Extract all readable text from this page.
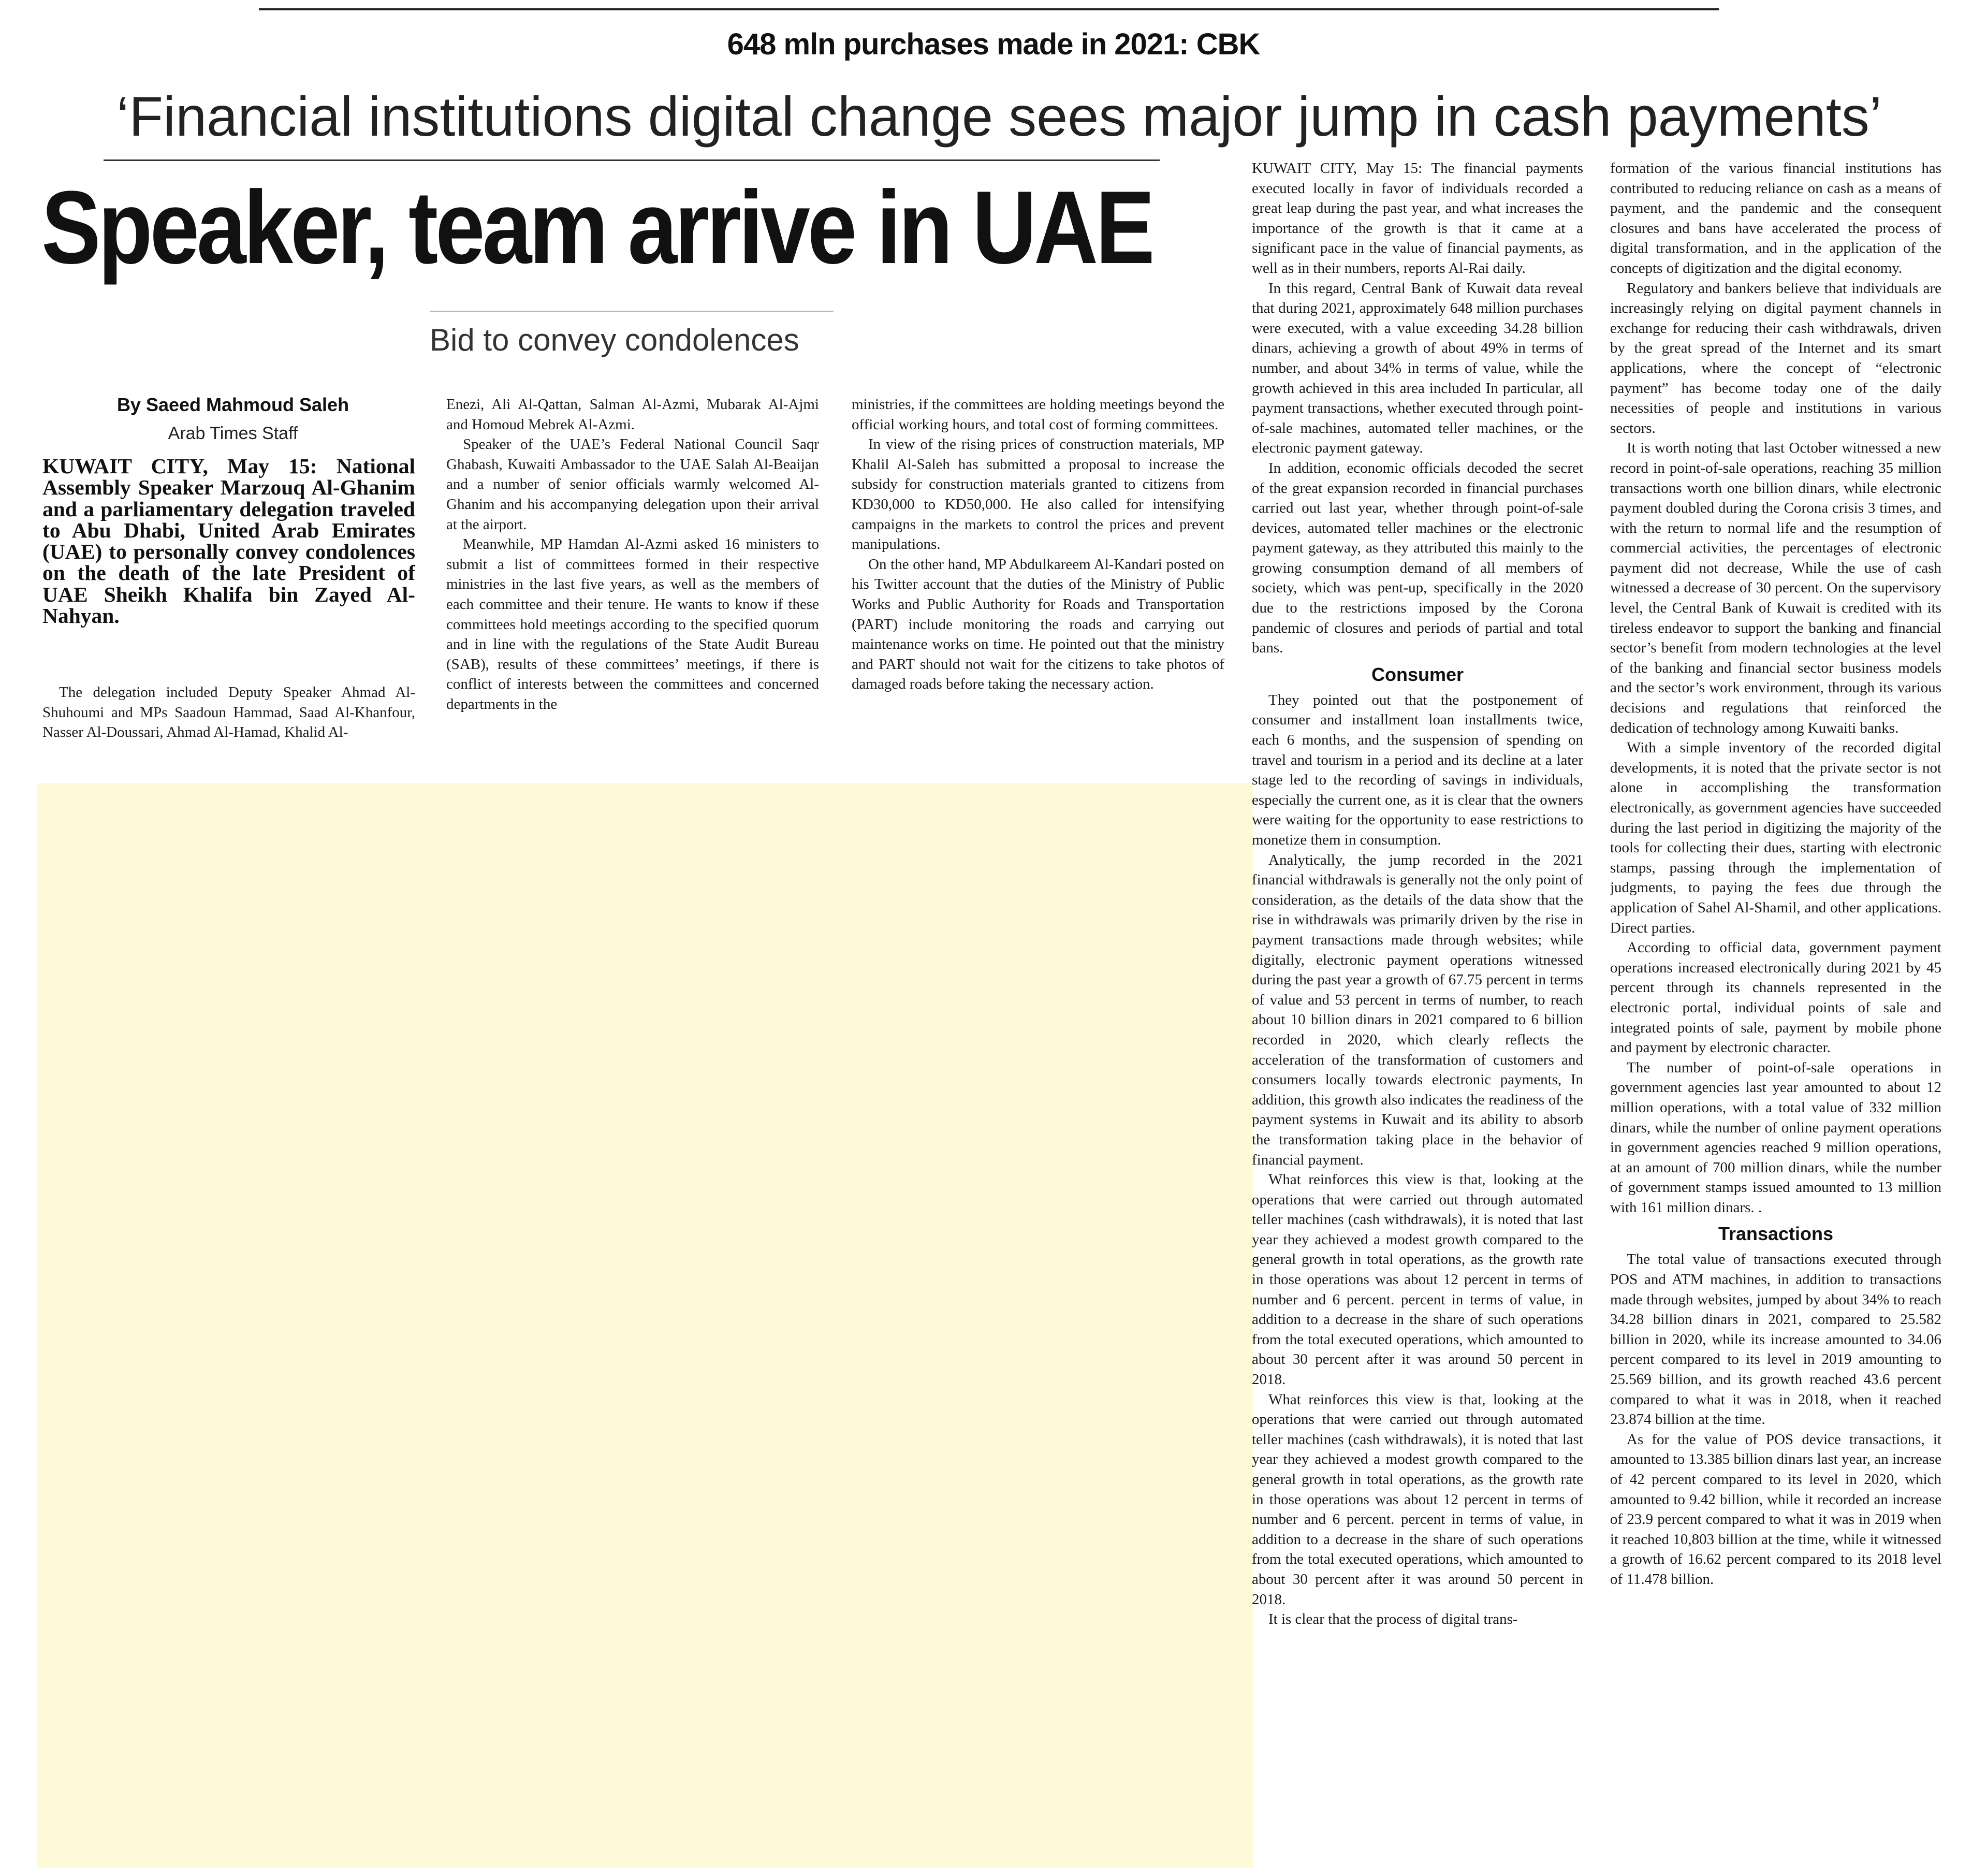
648 mln purchases made in 2021: CBK
‘Financial institutions digital change sees major jump in cash payments’
Speaker, team arrive in UAE
Bid to convey condolences
By Saeed Mahmoud Saleh
Arab Times Staff

KUWAIT CITY, May 15: National Assembly Speaker Marzouq Al-Ghanim and a parliamentary delegation traveled to Abu Dhabi, United Arab Emirates (UAE) to personally convey condolences on the death of the late President of UAE Sheikh Khalifa bin Zayed Al-Nahyan.

The delegation included Deputy Speaker Ahmad Al-Shuhoumi and MPs Saadoun Hammad, Saad Al-Khanfour, Nasser Al-Doussari, Ahmad Al-Hamad, Khalid Al-

Enezi, Ali Al-Qattan, Salman Al-Azmi, Mubarak Al-Ajmi and Homoud Mebrek Al-Azmi.

Speaker of the UAE’s Federal National Council Saqr Ghabash, Kuwaiti Ambassador to the UAE Salah Al-Beaijan and a number of senior officials warmly welcomed Al-Ghanim and his accompanying delegation upon their arrival at the airport.

Meanwhile, MP Hamdan Al-Azmi asked 16 ministers to submit a list of committees formed in their respective ministries in the last five years, as well as the members of each committee and their tenure. He wants to know if these committees hold meetings according to the specified quorum and in line with the regulations of the State Audit Bureau (SAB), results of these committees’ meetings, if there is conflict of interests between the committees and concerned departments in the

ministries, if the committees are holding meetings beyond the official working hours, and total cost of forming committees.

In view of the rising prices of construction materials, MP Khalil Al-Saleh has submitted a proposal to increase the subsidy for construction materials granted to citizens from KD30,000 to KD50,000. He also called for intensifying campaigns in the markets to control the prices and prevent manipulations.

On the other hand, MP Abdulkareem Al-Kandari posted on his Twitter account that the duties of the Ministry of Public Works and Public Authority for Roads and Transportation (PART) include monitoring the roads and carrying out maintenance works on time. He pointed out that the ministry and PART should not wait for the citizens to take photos of damaged roads before taking the necessary action.

KUWAIT CITY, May 15: The financial payments executed locally in favor of individuals recorded a great leap during the past year, and what increases the importance of the growth is that it came at a significant pace in the value of financial payments, as well as in their numbers, reports Al-Rai daily.

In this regard, Central Bank of Kuwait data reveal that during 2021, approximately 648 million purchases were executed, with a value exceeding 34.28 billion dinars, achieving a growth of about 49% in terms of number, and about 34% in terms of value, while the growth achieved in this area included In particular, all payment transactions, whether executed through point-of-sale machines, automated teller machines, or the electronic payment gateway.

In addition, economic officials decoded the secret of the great expansion recorded in financial purchases carried out last year, whether through point-of-sale devices, automated teller machines or the electronic payment gateway, as they attributed this mainly to the growing consumption demand of all members of society, which was pent-up, specifically in the 2020 due to the restrictions imposed by the Corona pandemic of closures and periods of partial and total bans.

Consumer

They pointed out that the postponement of consumer and installment loan installments twice, each 6 months, and the suspension of spending on travel and tourism in a period and its decline at a later stage led to the recording of savings in individuals, especially the current one, as it is clear that the owners were waiting for the opportunity to ease restrictions to monetize them in consumption.

Analytically, the jump recorded in the 2021 financial withdrawals is generally not the only point of consideration, as the details of the data show that the rise in withdrawals was primarily driven by the rise in payment transactions made through websites; while digitally, electronic payment operations witnessed during the past year a growth of 67.75 percent in terms of value and 53 percent in terms of number, to reach about 10 billion dinars in 2021 compared to 6 billion recorded in 2020, which clearly reflects the acceleration of the transformation of customers and consumers locally towards electronic payments, In addition, this growth also indicates the readiness of the payment systems in Kuwait and its ability to absorb the transformation taking place in the behavior of financial payment.

What reinforces this view is that, looking at the operations that were carried out through automated teller machines (cash withdrawals), it is noted that last year they achieved a modest growth compared to the general growth in total operations, as the growth rate in those operations was about 12 percent in terms of number and 6 percent. percent in terms of value, in addition to a decrease in the share of such operations from the total executed operations, which amounted to about 30 percent after it was around 50 percent in 2018.

What reinforces this view is that, looking at the operations that were carried out through automated teller machines (cash withdrawals), it is noted that last year they achieved a modest growth compared to the general growth in total operations, as the growth rate in those operations was about 12 percent in terms of number and 6 percent. percent in terms of value, in addition to a decrease in the share of such operations from the total executed operations, which amounted to about 30 percent after it was around 50 percent in 2018.

It is clear that the process of digital trans-

formation of the various financial institutions has contributed to reducing reliance on cash as a means of payment, and the pandemic and the consequent closures and bans have accelerated the process of digital transformation, and in the application of the concepts of digitization and the digital economy.

Regulatory and bankers believe that individuals are increasingly relying on digital payment channels in exchange for reducing their cash withdrawals, driven by the great spread of the Internet and its smart applications, where the concept of “electronic payment” has become today one of the daily necessities of people and institutions in various sectors.

It is worth noting that last October witnessed a new record in point-of-sale operations, reaching 35 million transactions worth one billion dinars, while electronic payment doubled during the Corona crisis 3 times, and with the return to normal life and the resumption of commercial activities, the percentages of electronic payment did not decrease, While the use of cash witnessed a decrease of 30 percent. On the supervisory level, the Central Bank of Kuwait is credited with its tireless endeavor to support the banking and financial sector’s benefit from modern technologies at the level of the banking and financial sector business models and the sector’s work environment, through its various decisions and regulations that reinforced the dedication of technology among Kuwaiti banks.

With a simple inventory of the recorded digital developments, it is noted that the private sector is not alone in accomplishing the transformation electronically, as government agencies have succeeded during the last period in digitizing the majority of the tools for collecting their dues, starting with electronic stamps, passing through the implementation of judgments, to paying the fees due through the application of Sahel Al-Shamil, and other applications. Direct parties.

According to official data, government payment operations increased electronically during 2021 by 45 percent through its channels represented in the electronic portal, individual points of sale and integrated points of sale, payment by mobile phone and payment by electronic character.

The number of point-of-sale operations in government agencies last year amounted to about 12 million operations, with a total value of 332 million dinars, while the number of online payment operations in government agencies reached 9 million operations, at an amount of 700 million dinars, while the number of government stamps issued amounted to 13 million with 161 million dinars. .

Transactions

The total value of transactions executed through POS and ATM machines, in addition to transactions made through websites, jumped by about 34% to reach 34.28 billion dinars in 2021, compared to 25.582 billion in 2020, while its increase amounted to 34.06 percent compared to its level in 2019 amounting to 25.569 billion, and its growth reached 43.6 percent compared to what it was in 2018, when it reached 23.874 billion at the time.

As for the value of POS device transactions, it amounted to 13.385 billion dinars last year, an increase of 42 percent compared to its level in 2020, which amounted to 9.42 billion, while it recorded an increase of 23.9 percent compared to what it was in 2019 when it reached 10,803 billion at the time, while it witnessed a growth of 16.62 percent compared to its 2018 level of 11.478 billion.
